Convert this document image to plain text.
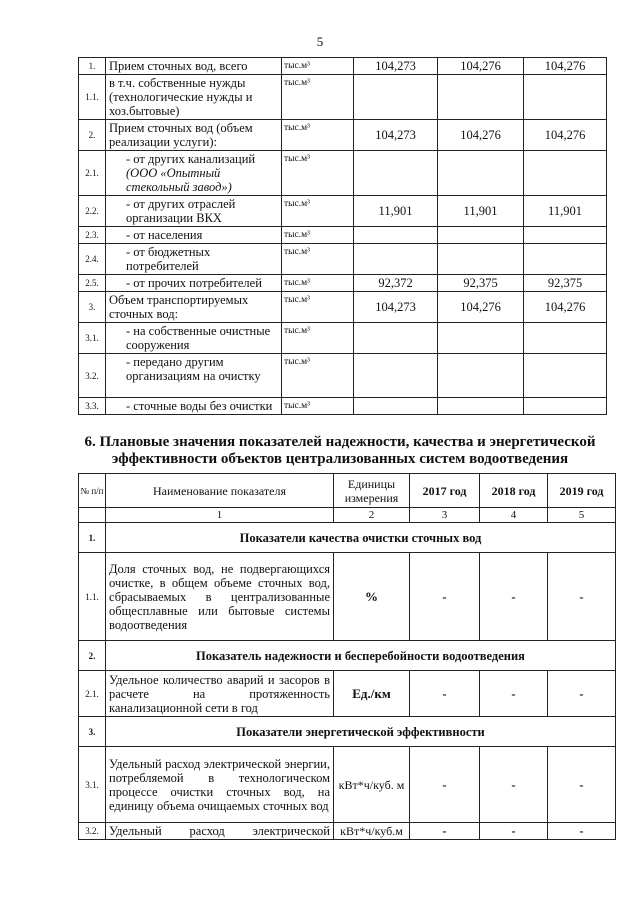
5
1.	Прием сточных вод, всего	тыс.м³	104,273	104,276	104,276
1.1.	в т.ч. собственные нужды (технологические нужды и хоз.бытовые)	тыс.м³			
2.	Прием сточных вод (объем реализации услуги):	тыс.м³	104,273	104,276	104,276
2.1.	- от других канализаций (ООО «Опытный стекольный завод»)	тыс.м³			
2.2.	- от других отраслей организации ВКХ	тыс.м³	11,901	11,901	11,901
2.3.	- от населения	тыс.м³			
2.4.	- от бюджетных потребителей	тыс.м³			
2.5.	- от прочих потребителей	тыс.м³	92,372	92,375	92,375
3.	Объем транспортируемых сточных вод:	тыс.м³	104,273	104,276	104,276
3.1.	- на собственные очистные сооружения	тыс.м³			
3.2.	- передано другим организациям на очистку	тыс.м³			
3.3.	- сточные воды без очистки	тыс.м³			
6. Плановые значения показателей надежности, качества и энергетической эффективности объектов централизованных систем водоотведения
№ п/п	Наименование показателя	Единицы измерения	2017 год	2018 год	2019 год
	1	2	3	4	5
1.	Показатели качества очистки сточных вод				
1.1.	Доля сточных вод, не подвергающихся очистке, в общем объеме сточных вод, сбрасываемых в централизованные общесплавные или бытовые системы водоотведения	%	-	-	-
2.	Показатель надежности и бесперебойности водоотведения				
2.1.	Удельное количество аварий и засоров в расчете на протяженность канализационной сети в год	Ед./км	-	-	-
3.	Показатели энергетической эффективности				
3.1.	Удельный расход электрической энергии, потребляемой в технологическом процессе очистки сточных вод, на единицу объема очищаемых сточных вод	кВт*ч/куб. м	-	-	-
3.2.	Удельный расход электрической	кВт*ч/куб.м	-	-	-
